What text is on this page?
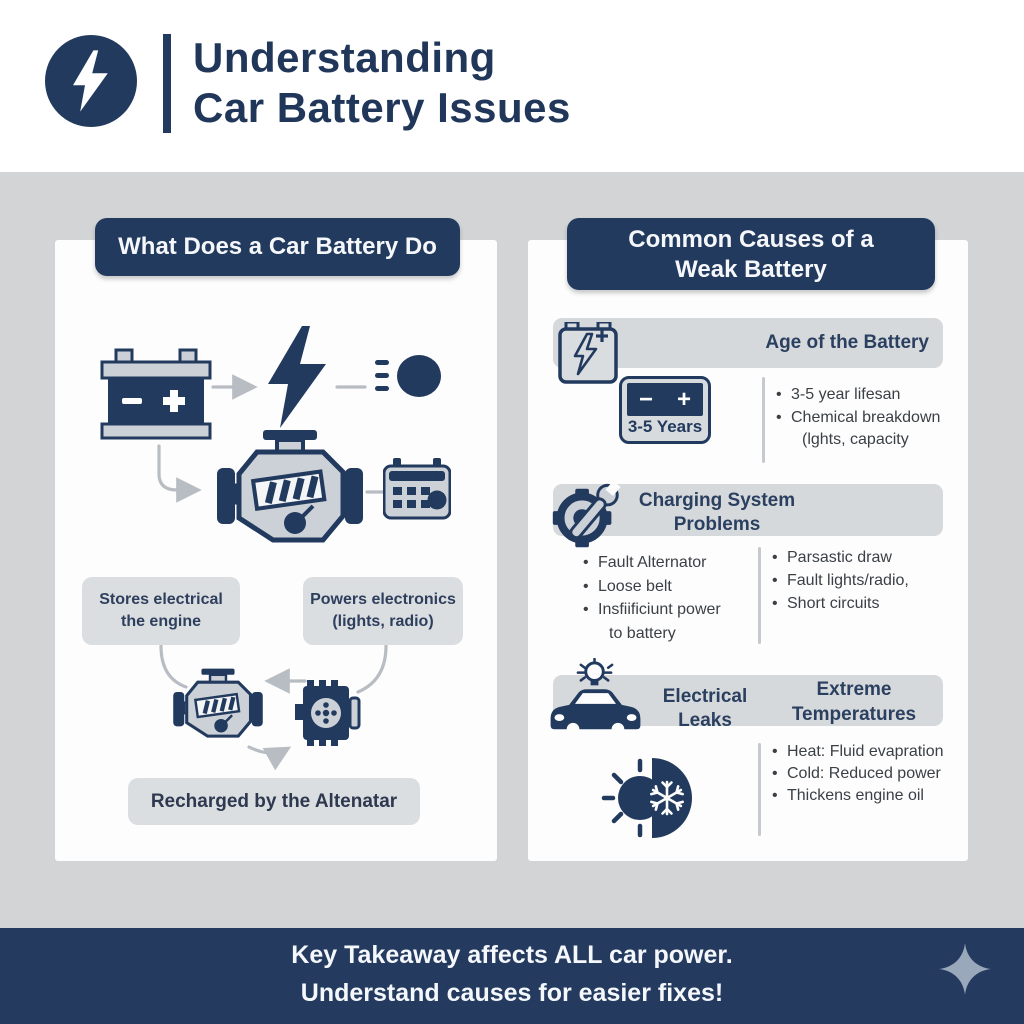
Understanding
Car Battery Issues
What Does a Car Battery Do
Stores electrical
the engine
Powers electronics
(lights, radio)
Recharged by the Altenatar
Common Causes of a
Weak Battery
Age of the Battery
− +
3-5 Years
• 3-5 year lifesan
• Chemical breakdown
(lghts, capacity
Charging System
Problems
• Fault Alternator
• Loose belt
• Insfiificiunt power
to battery
• Parsastic draw
• Fault lights/radio,
• Short circuits
Electrical
Leaks
Extreme
Temperatures
• Heat: Fluid evapration
• Cold: Reduced power
• Thickens engine oil
Key Takeaway affects ALL car power.
Understand causes for easier fixes!
